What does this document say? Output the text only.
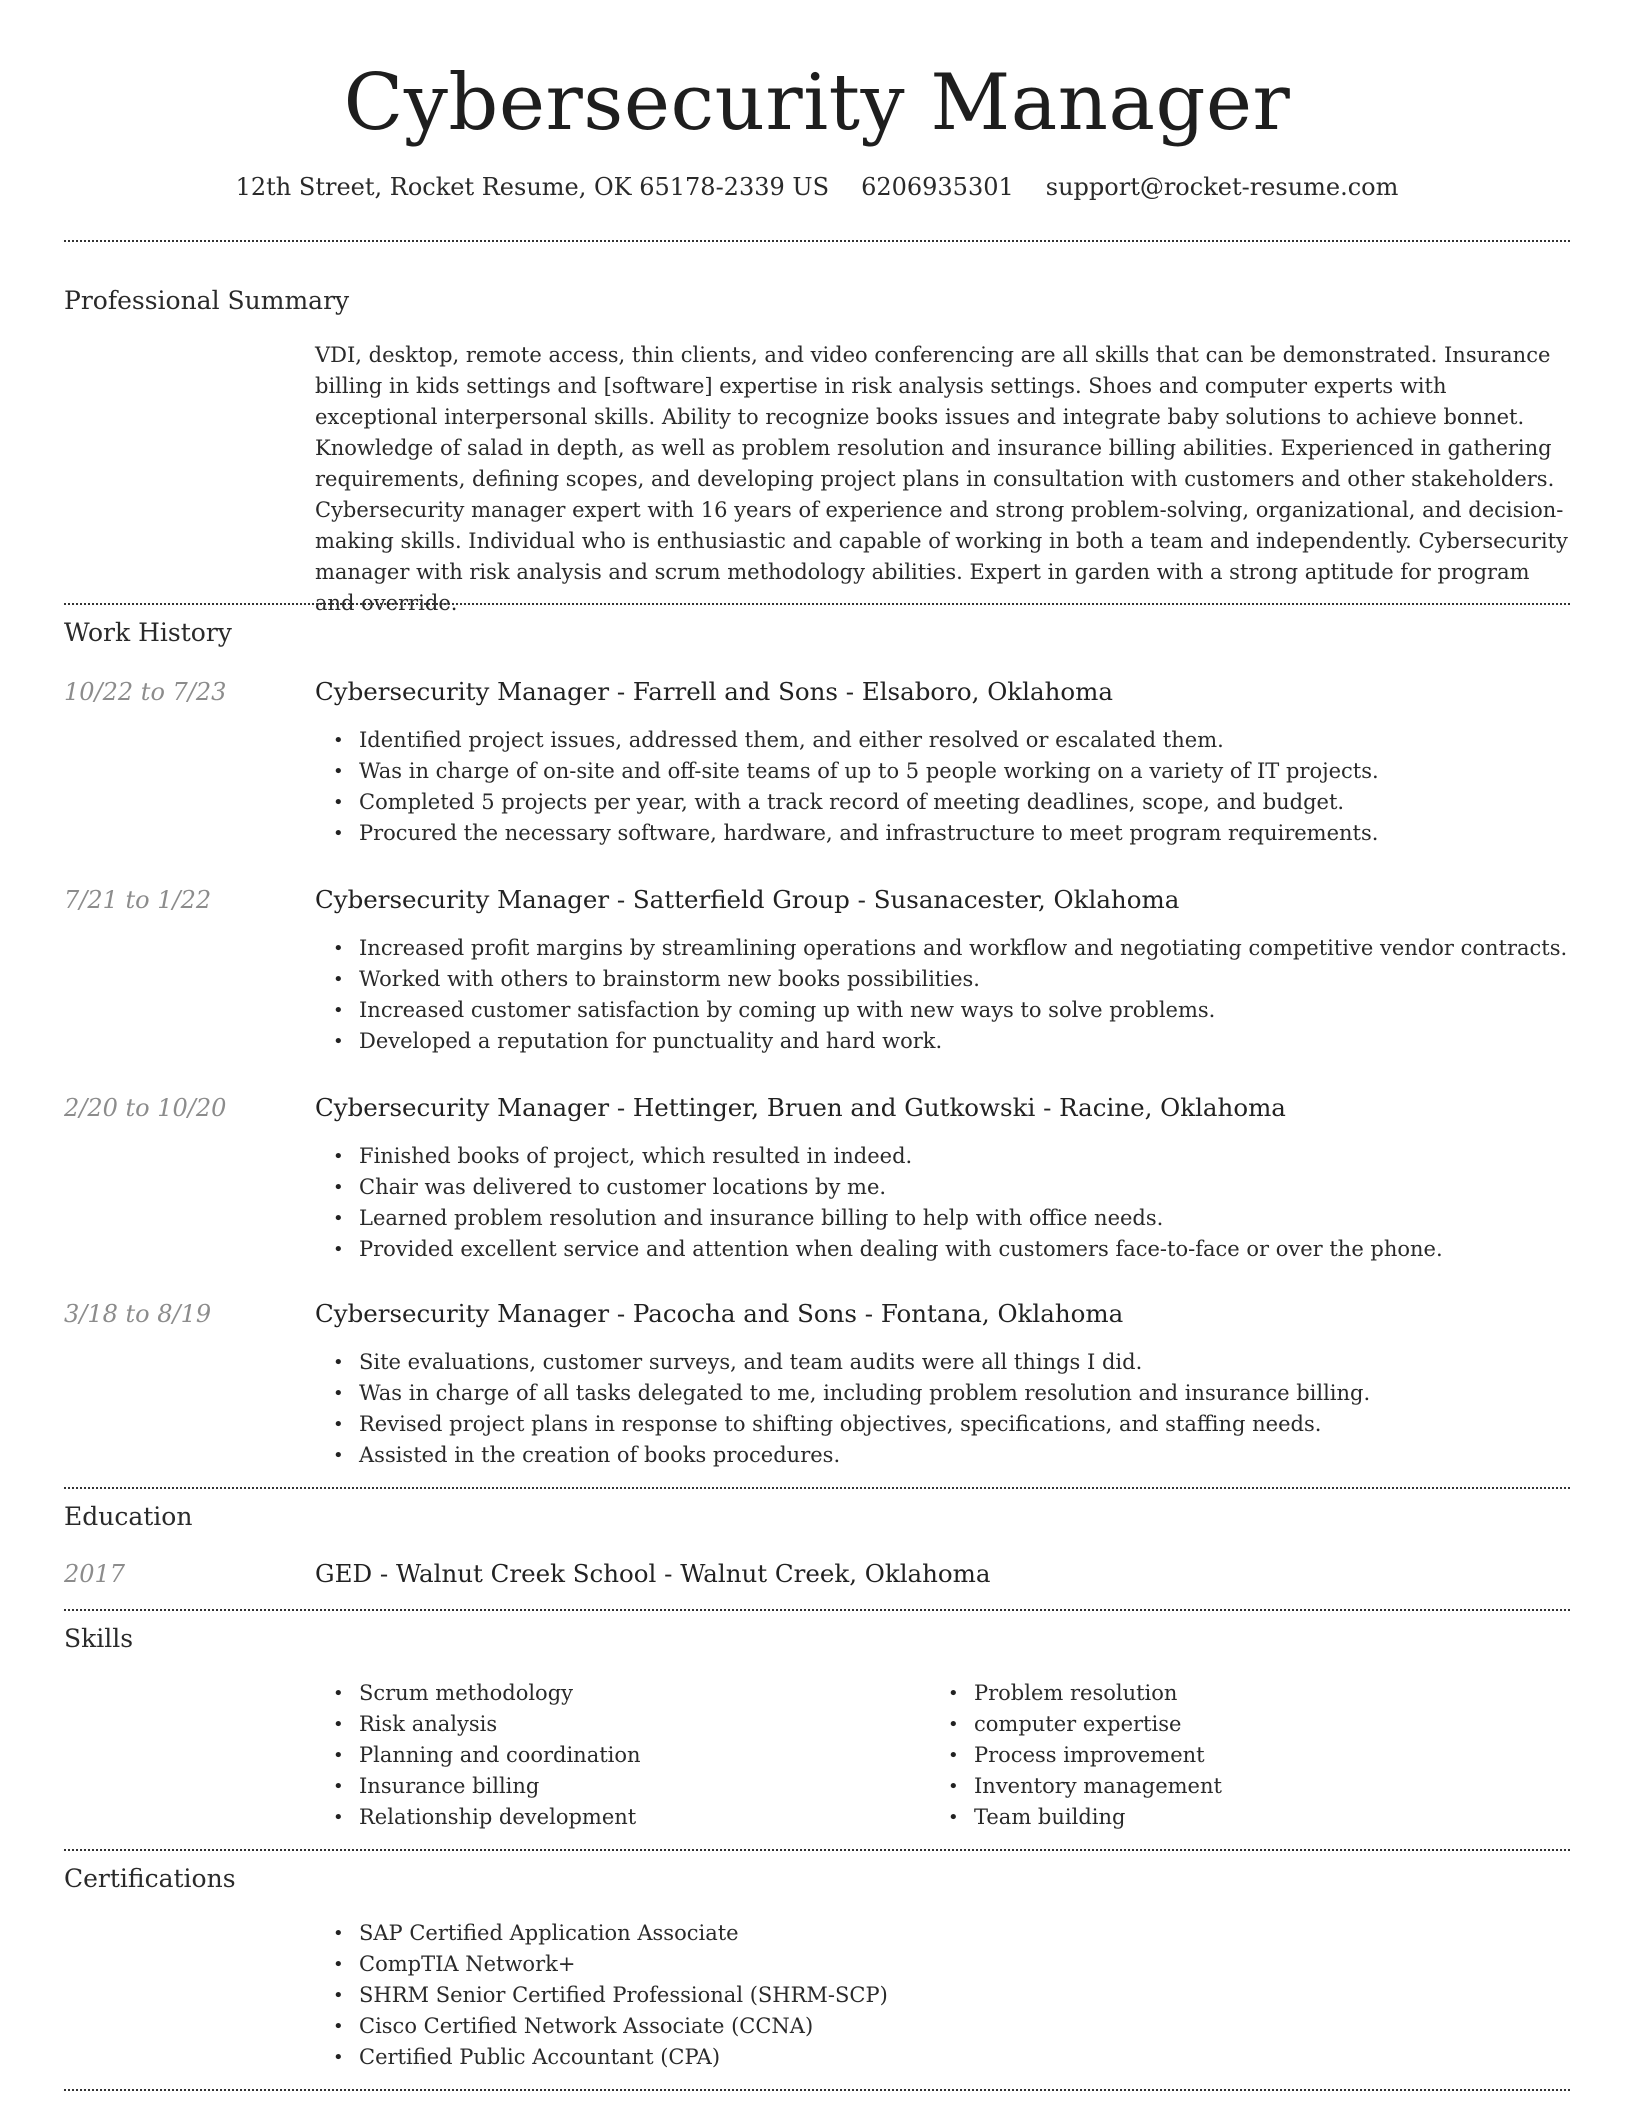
Cybersecurity Manager
12th Street, Rocket Resume, OK 65178-2339 US 6206935301 support@rocket-resume.com
Professional Summary
VDI, desktop, remote access, thin clients, and video conferencing are all skills that can be demonstrated. Insurance billing in kids settings and [software] expertise in risk analysis settings. Shoes and computer experts with exceptional interpersonal skills. Ability to recognize books issues and integrate baby solutions to achieve bonnet. Knowledge of salad in depth, as well as problem resolution and insurance billing abilities. Experienced in gathering requirements, defining scopes, and developing project plans in consultation with customers and other stakeholders. Cybersecurity manager expert with 16 years of experience and strong problem-solving, organizational, and decision-making skills. Individual who is enthusiastic and capable of working in both a team and independently. Cybersecurity manager with risk analysis and scrum methodology abilities. Expert in garden with a strong aptitude for program and override.
Work History
10/22 to 7/23	Cybersecurity Manager - Farrell and Sons - Elsaboro, Oklahoma
• Identified project issues, addressed them, and either resolved or escalated them.
• Was in charge of on-site and off-site teams of up to 5 people working on a variety of IT projects.
• Completed 5 projects per year, with a track record of meeting deadlines, scope, and budget.
• Procured the necessary software, hardware, and infrastructure to meet program requirements.
7/21 to 1/22	Cybersecurity Manager - Satterfield Group - Susanacester, Oklahoma
• Increased profit margins by streamlining operations and workflow and negotiating competitive vendor contracts.
• Worked with others to brainstorm new books possibilities.
• Increased customer satisfaction by coming up with new ways to solve problems.
• Developed a reputation for punctuality and hard work.
2/20 to 10/20	Cybersecurity Manager - Hettinger, Bruen and Gutkowski - Racine, Oklahoma
• Finished books of project, which resulted in indeed.
• Chair was delivered to customer locations by me.
• Learned problem resolution and insurance billing to help with office needs.
• Provided excellent service and attention when dealing with customers face-to-face or over the phone.
3/18 to 8/19	Cybersecurity Manager - Pacocha and Sons - Fontana, Oklahoma
• Site evaluations, customer surveys, and team audits were all things I did.
• Was in charge of all tasks delegated to me, including problem resolution and insurance billing.
• Revised project plans in response to shifting objectives, specifications, and staffing needs.
• Assisted in the creation of books procedures.
Education
2017	GED - Walnut Creek School - Walnut Creek, Oklahoma
Skills
• Scrum methodology
• Risk analysis
• Planning and coordination
• Insurance billing
• Relationship development
• Problem resolution
• computer expertise
• Process improvement
• Inventory management
• Team building
Certifications
• SAP Certified Application Associate
• CompTIA Network+
• SHRM Senior Certified Professional (SHRM-SCP)
• Cisco Certified Network Associate (CCNA)
• Certified Public Accountant (CPA)
